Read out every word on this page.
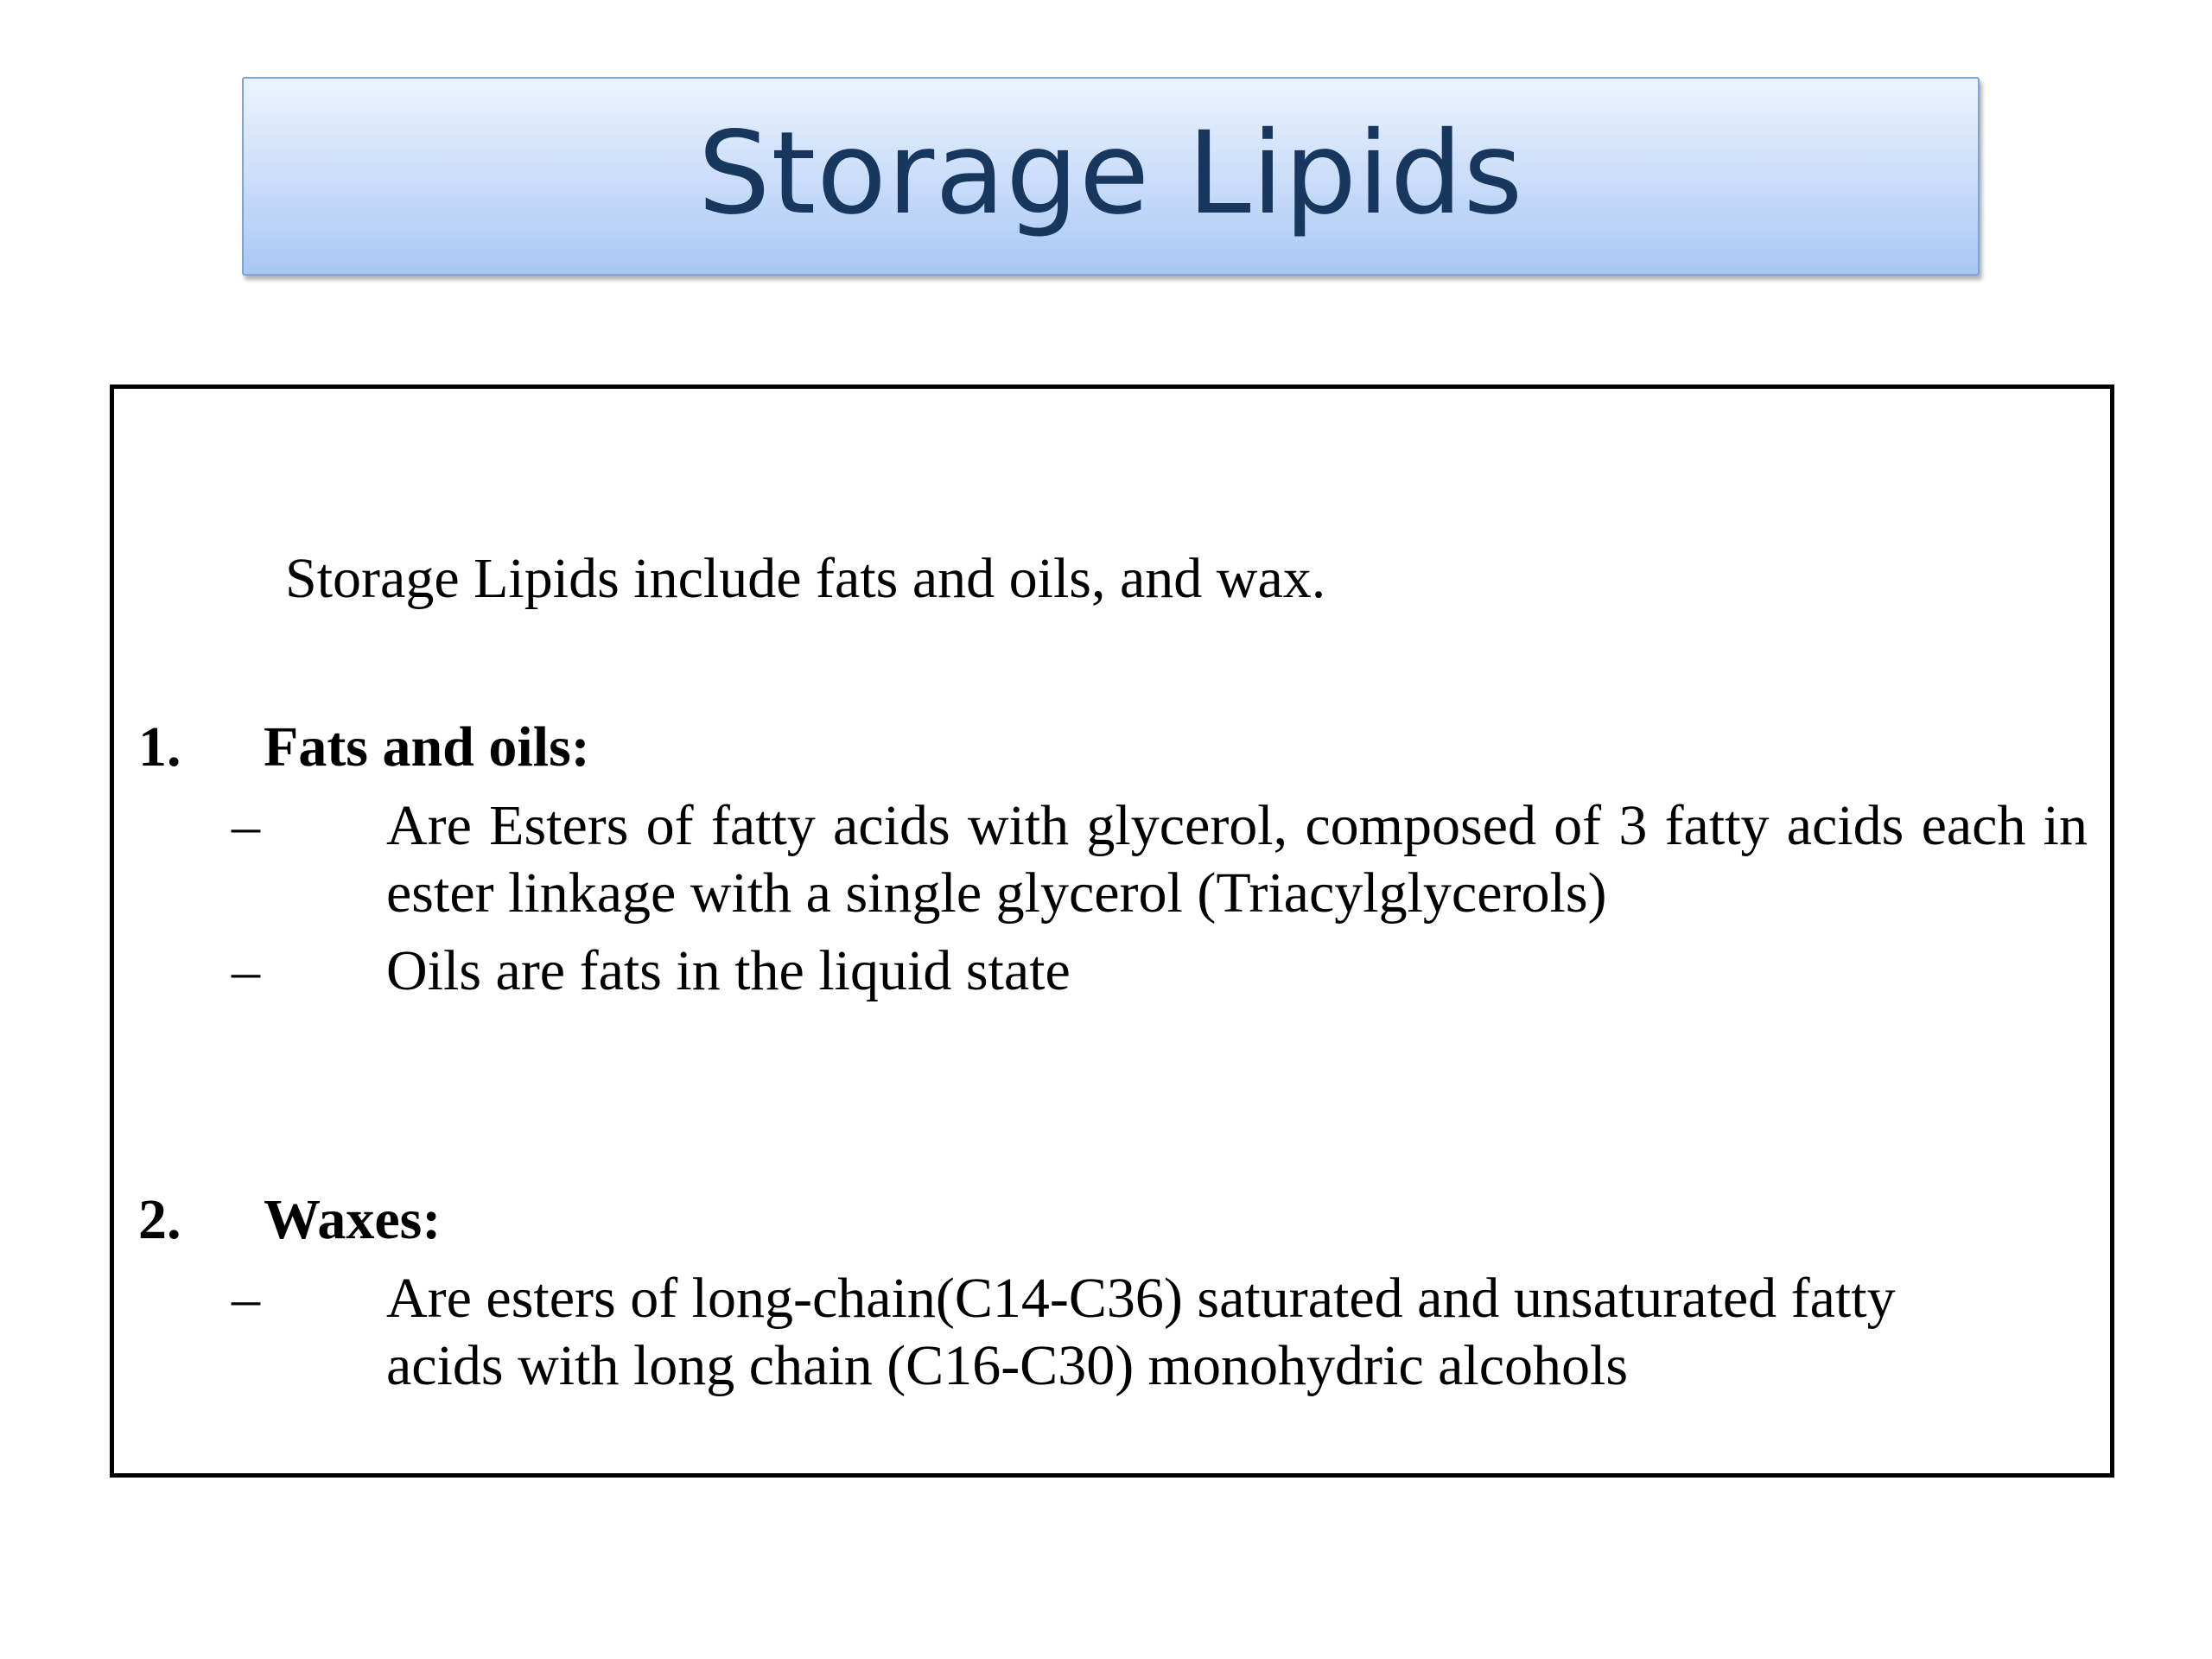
Storage Lipids
Storage Lipids include fats and oils, and wax.
1. Fats and oils:
– Are Esters of fatty acids with glycerol, composed of 3 fatty acids each in ester linkage with a single glycerol (Triacylglycerols)
– Oils are fats in the liquid state
2. Waxes:
– Are esters of long-chain(C14-C36) saturated and unsaturated fatty acids with long chain (C16-C30) monohydric alcohols
